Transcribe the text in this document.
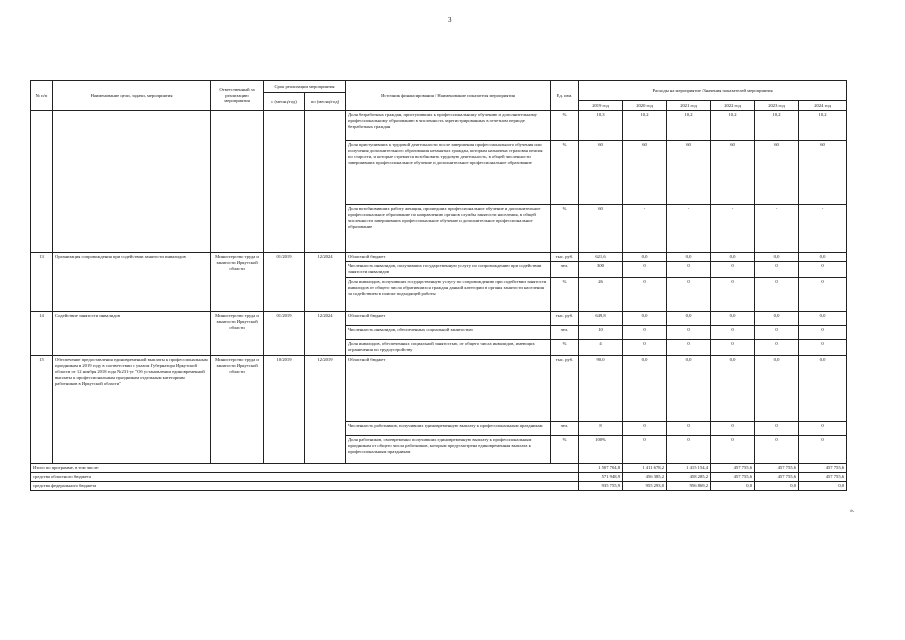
3
№ п/п	Наименование цели, задачи, мероприятия	Ответственный за реализацию мероприятия	Срок реализации мероприятия		Источник финансирования / Наименование показателя мероприятия	Ед. изм.	Расходы на мероприятие /Значения показателей мероприятия					
			с (месяц/год)	по (месяц/год)								
							2019 год	2020 год	2021 год	2022 год	2023 год	2024 год
					Доля безработных граждан, приступивших к профессиональному обучению и дополнительному профессиональному образованию в численность зарегистрированных в отчетном периоде безработных граждан	%	10,3	10,2	10,2	10,2	10,2	10,2
					Доля приступивших к трудовой деятельности после завершения профессионального обучения или получения дополнительного образования незанятых граждан, которым назначена страховая пенсия по старости, и которые стремятся возобновить трудовую деятельность, в общей численности завершивших профессиональное обучение и дополнительное профессиональное образование	%	60	60	60	60	60	60
					Доля возобновивших работу женщин, прошедших профессиональное обучение и дополнительное профессиональное образование по направлению органов службы занятости населения, в общей численности завершивших профессиональное обучение и дополнительное профессиональное образование	%	60	-	-	-	-	-
13	Организация сопровождения при содействии занятости инвалидов	Министерство труда и занятости Иркутской области	01/2019	12/2024	Областной бюджет	тыс. руб.	621,6	0,0	0,0	0,0	0,0	0,0
					Численность инвалидов, получивших государственную услугу по сопровождению при содействии занятости инвалидов	чел.	300	0	0	0	0	0
					Доля инвалидов, получивших государственную услугу по сопровождению при содействии занятости инвалидов от общего числа обратившихся граждан данной категории в органы занятости населения за содействием в поиске подходящей работы	%	26	0	0	0	0	0
14	Содействие занятости инвалидов	Министерство труда и занятости Иркутской области	01/2019	12/2024	Областной бюджет	тыс. руб.	649,8	0,0	0,0	0,0	0,0	0,0
					Численность инвалидов, обеспеченных социальной занятостью	чел.	10	0	0	0	0	0
					Доля инвалидов, обеспеченных социальной занятостью, от общего числа инвалидов, имеющих ограничения по трудоустройству	%	4	0	0	0	0	0
15	Обеспечение предоставления единовременной выплаты к профессиональным праздникам в 2019 году в соответствии с указом Губернатора Иркутской области от 12 ноября 2018 года №231-уг "Об установлении единовременной выплаты к профессиональным праздникам отдельным категориям работников в Иркутской области"	Министерство труда и занятости Иркутской области	10/2019	12/2019	Областной бюджет	тыс. руб.	90,0	0,0	0,0	0,0	0,0	0,0
					Численность работников, получивших единовременную выплату к профессиональным праздникам	чел.	8	0	0	0	0	0
					Доля работников, своевременно получивших единовременную выплату к профессиональным праздникам от общего числа работников, которым предусмотрена единовременная выплата к профессиональным праздникам	%	100%	0	0	0	0	0
Итого по программе, в том числе:							1 507 704,8	1 411 678,2	1 415 154,4	457 755,6	457 755,6	457 755,6
средства областного бюджета							571 948,9	456 385,2	458 285,2	457 755,6	457 755,6	457 755,6
средства федерального бюджета							935 755,9	955 293,0	956 869,2	0,0	0,0	0,0
».
